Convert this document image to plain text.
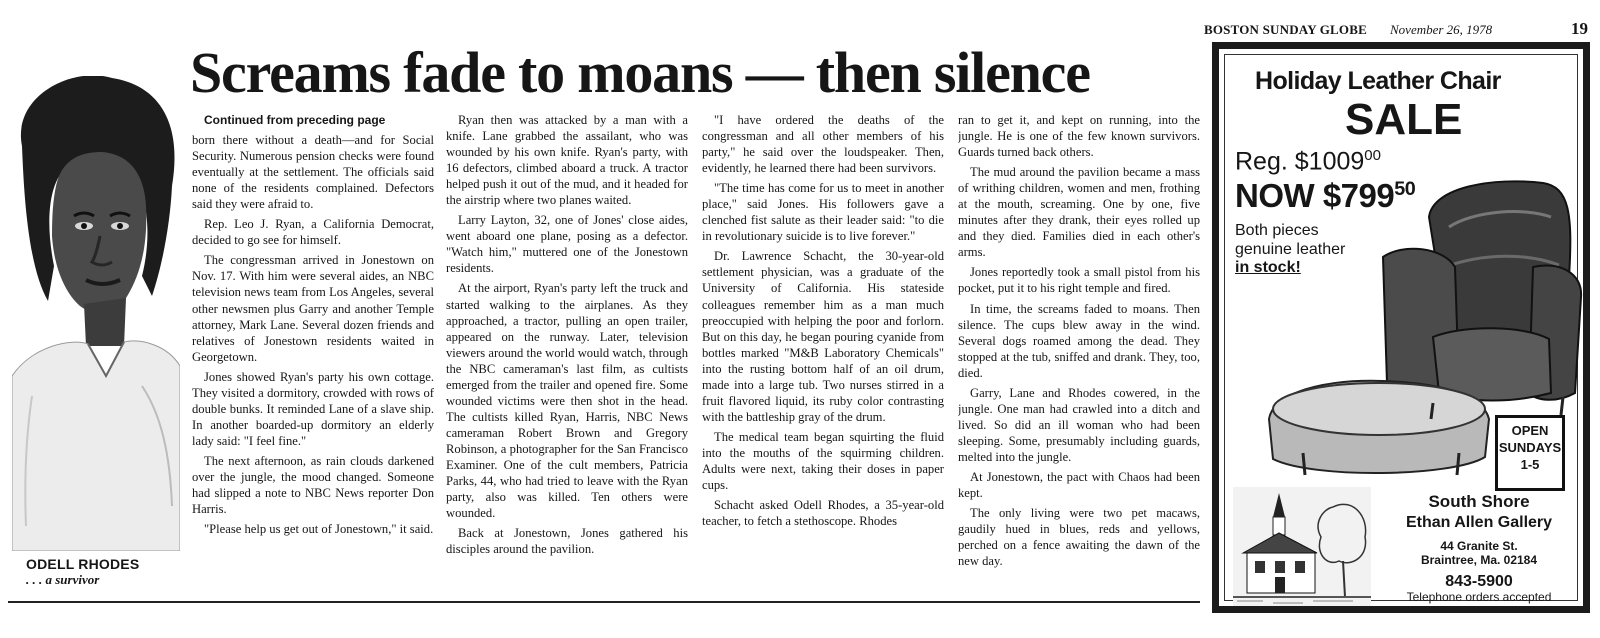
BOSTON SUNDAY GLOBE November 26, 1978	19
Screams fade to moans — then silence
ODELL RHODES
. . . a survivor

Continued from preceding page

born there without a death—and for Social Security. Numerous pension checks were found eventually at the settlement. The officials said none of the residents complained. Defectors said they were afraid to.

Rep. Leo J. Ryan, a California Democrat, decided to go see for himself.

The congressman arrived in Jonestown on Nov. 17. With him were several aides, an NBC television news team from Los Angeles, several other newsmen plus Garry and another Temple attorney, Mark Lane. Several dozen friends and relatives of Jonestown residents waited in Georgetown.

Jones showed Ryan's party his own cottage. They visited a dormitory, crowded with rows of double bunks. It reminded Lane of a slave ship. In another boarded-up dormitory an elderly lady said: "I feel fine."

The next afternoon, as rain clouds darkened over the jungle, the mood changed. Someone had slipped a note to NBC News reporter Don Harris.

"Please help us get out of Jonestown," it said.

Ryan then was attacked by a man with a knife. Lane grabbed the assailant, who was wounded by his own knife. Ryan's party, with 16 defectors, climbed aboard a truck. A tractor helped push it out of the mud, and it headed for the airstrip where two planes waited.

Larry Layton, 32, one of Jones' close aides, went aboard one plane, posing as a defector. "Watch him," muttered one of the Jonestown residents.

At the airport, Ryan's party left the truck and started walking to the airplanes. As they approached, a tractor, pulling an open trailer, appeared on the runway. Later, television viewers around the world would watch, through the NBC cameraman's last film, as cultists emerged from the trailer and opened fire. Some wounded victims were then shot in the head. The cultists killed Ryan, Harris, NBC News cameraman Robert Brown and Gregory Robinson, a photographer for the San Francisco Examiner. One of the cult members, Patricia Parks, 44, who had tried to leave with the Ryan party, also was killed. Ten others were wounded.

Back at Jonestown, Jones gathered his disciples around the pavilion.

"I have ordered the deaths of the congressman and all other members of his party," he said over the loudspeaker. Then, evidently, he learned there had been survivors.

"The time has come for us to meet in another place," said Jones. His followers gave a clenched fist salute as their leader said: "to die in revolutionary suicide is to live forever."

Dr. Lawrence Schacht, the 30-year-old settlement physician, was a graduate of the University of California. His stateside colleagues remember him as a man much preoccupied with helping the poor and forlorn. But on this day, he began pouring cyanide from bottles marked "M&B Laboratory Chemicals" into the rusting bottom half of an oil drum, made into a large tub. Two nurses stirred in a fruit flavored liquid, its ruby color contrasting with the battleship gray of the drum.

The medical team began squirting the fluid into the mouths of the squirming children. Adults were next, taking their doses in paper cups.

Schacht asked Odell Rhodes, a 35-year-old teacher, to fetch a stethoscope. Rhodes

ran to get it, and kept on running, into the jungle. He is one of the few known survivors. Guards turned back others.

The mud around the pavilion became a mass of writhing children, women and men, frothing at the mouth, screaming. One by one, five minutes after they drank, their eyes rolled up and they died. Families died in each other's arms.

Jones reportedly took a small pistol from his pocket, put it to his right temple and fired.

In time, the screams faded to moans. Then silence. The cups blew away in the wind. Several dogs roamed among the dead. They stopped at the tub, sniffed and drank. They, too, died.

Garry, Lane and Rhodes cowered, in the jungle. One man had crawled into a ditch and lived. So did an ill woman who had been sleeping. Some, presumably including guards, melted into the jungle.

At Jonestown, the pact with Chaos had been kept.

The only living were two pet macaws, gaudily hued in blues, reds and yellows, perched on a fence awaiting the dawn of the new day.

Holiday Leather Chair
SALE
Reg. $1009$^{00}$
NOW $\$799^{50}$
Both pieces
genuine leather
in stock!
OPEN
SUNDAYS
1-5
South Shore
Ethan Allen Gallery
44 Granite St.
Braintree, Ma. 02184
843-5900
Telephone orders accepted
